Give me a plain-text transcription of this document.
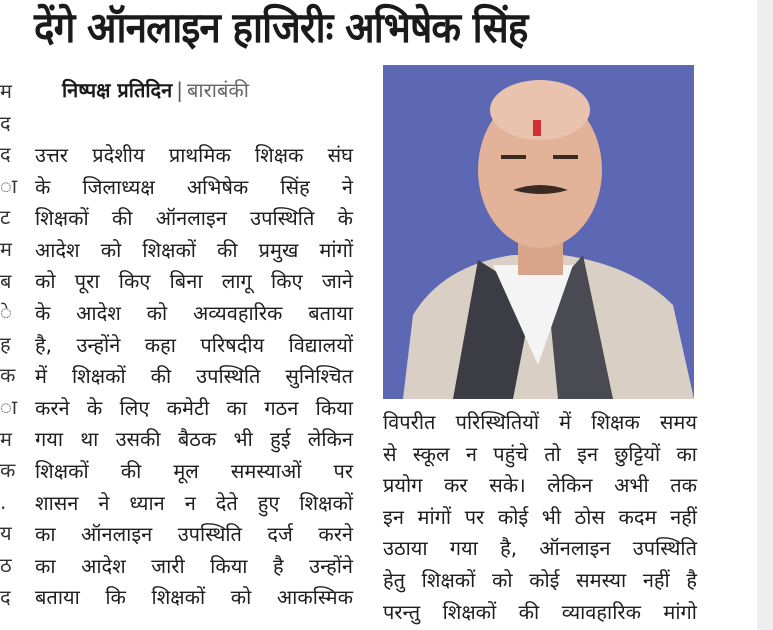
देंगे ऑनलाइन हाजिरीः अभिषेक सिंह
निष्पक्ष प्रतिदिन | बाराबंकी
म
द
द
ा
ट
म
ब
े
ह
क
ा
म
क
.
य
ठ
द
उत्तर प्रदेशीय प्राथमिक शिक्षक संघ
के जिलाध्यक्ष अभिषेक सिंह ने
शिक्षकों की ऑनलाइन उपस्थिति के
आदेश को शिक्षकों की प्रमुख मांगों
को पूरा किए बिना लागू किए जाने
के आदेश को अव्यवहारिक बताया
है, उन्होंने कहा परिषदीय विद्यालयों
में शिक्षकों की उपस्थिति सुनिश्चित
करने के लिए कमेटी का गठन किया
गया था उसकी बैठक भी हुई लेकिन
शिक्षकों की मूल समस्याओं पर
शासन ने ध्यान न देते हुए शिक्षकों
का ऑनलाइन उपस्थिति दर्ज करने
का आदेश जारी किया है उन्होंने
बताया कि शिक्षकों को आकस्मिक
विपरीत परिस्थितियों में शिक्षक समय
से स्कूल न पहुंचे तो इन छुट्टियों का
प्रयोग कर सके। लेकिन अभी तक
इन मांगों पर कोई भी ठोस कदम नहीं
उठाया गया है, ऑनलाइन उपस्थिति
हेतु शिक्षकों को कोई समस्या नहीं है
परन्तु शिक्षकों की व्यावहारिक मांगो
